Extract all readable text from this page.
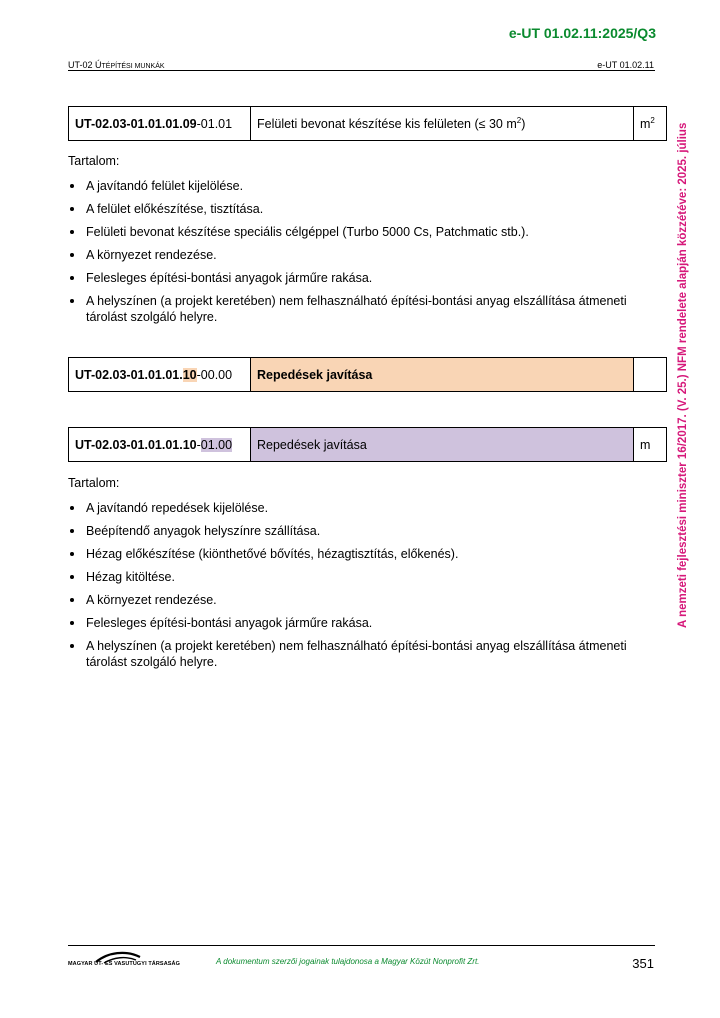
e-UT 01.02.11:2025/Q3
UT-02 ÚTÉPÍTÉSI MUNKÁK	e-UT 01.02.11
A nemzeti fejlesztési miniszter 16/2017. (V. 25.) NFM rendelete alapján közzétéve: 2025. július
UT-02.03-01.01.01.09-01.01	Felületi bevonat készítése kis felületen (≤ 30 $m^2$)	$m^2$
Tartalom:
A javítandó felület kijelölése.
A felület előkészítése, tisztítása.
Felületi bevonat készítése speciális célgéppel (Turbo 5000 Cs, Patchmatic stb.).
A környezet rendezése.
Felesleges építési-bontási anyagok járműre rakása.
A helyszínen (a projekt keretében) nem felhasználható építési-bontási anyag elszállítása átmeneti tárolást szolgáló helyre.
UT-02.03-01.01.01.10-00.00	Repedések javítása	
UT-02.03-01.01.01.10-01.00	Repedések javítása	m
Tartalom:
A javítandó repedések kijelölése.
Beépítendő anyagok helyszínre szállítása.
Hézag előkészítése (kiönthetővé bővítés, hézagtisztítás, előkenés).
Hézag kitöltése.
A környezet rendezése.
Felesleges építési-bontási anyagok járműre rakása.
A helyszínen (a projekt keretében) nem felhasználható építési-bontási anyag elszállítása átmeneti tárolást szolgáló helyre.
MAGYAR UT- ES VASUTUGYI TÁRSASÁG	A dokumentum szerzői jogainak tulajdonosa a Magyar Közút Nonprofit Zrt.	351
